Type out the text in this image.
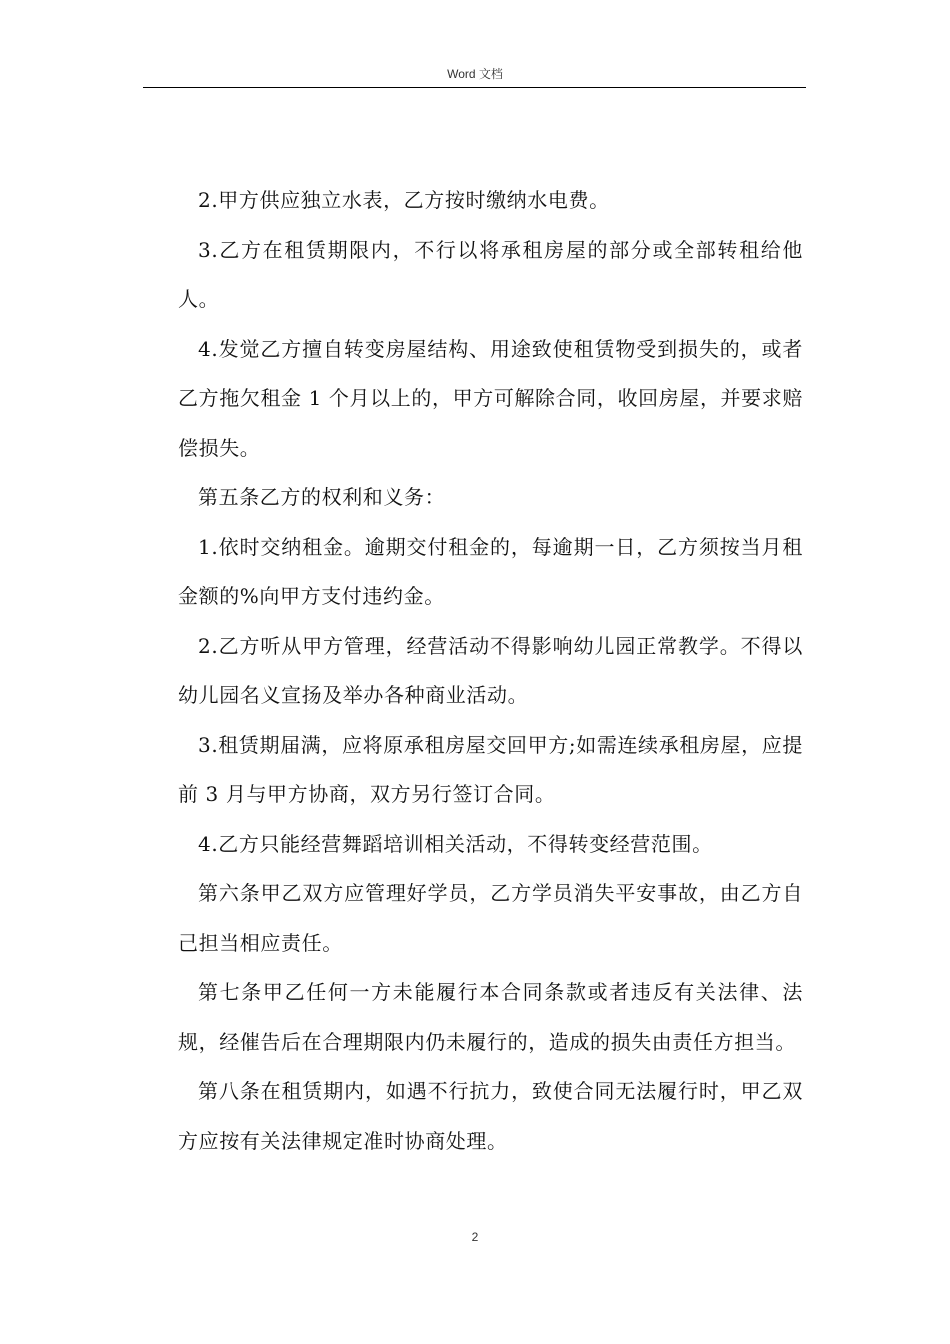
Word 文档

2.甲方供应独立水表，乙方按时缴纳水电费。

3.乙方在租赁期限内，不行以将承租房屋的部分或全部转租给他人。

4.发觉乙方擅自转变房屋结构、用途致使租赁物受到损失的，或者乙方拖欠租金 1 个月以上的，甲方可解除合同，收回房屋，并要求赔偿损失。

第五条乙方的权利和义务：

1.依时交纳租金。逾期交付租金的，每逾期一日，乙方须按当月租金额的%向甲方支付违约金。

2.乙方听从甲方管理，经营活动不得影响幼儿园正常教学。不得以幼儿园名义宣扬及举办各种商业活动。

3.租赁期届满，应将原承租房屋交回甲方;如需连续承租房屋，应提前 3 月与甲方协商，双方另行签订合同。

4.乙方只能经营舞蹈培训相关活动，不得转变经营范围。

第六条甲乙双方应管理好学员，乙方学员消失平安事故，由乙方自己担当相应责任。

第七条甲乙任何一方未能履行本合同条款或者违反有关法律、法规，经催告后在合理期限内仍未履行的，造成的损失由责任方担当。

第八条在租赁期内，如遇不行抗力，致使合同无法履行时，甲乙双方应按有关法律规定准时协商处理。

2
